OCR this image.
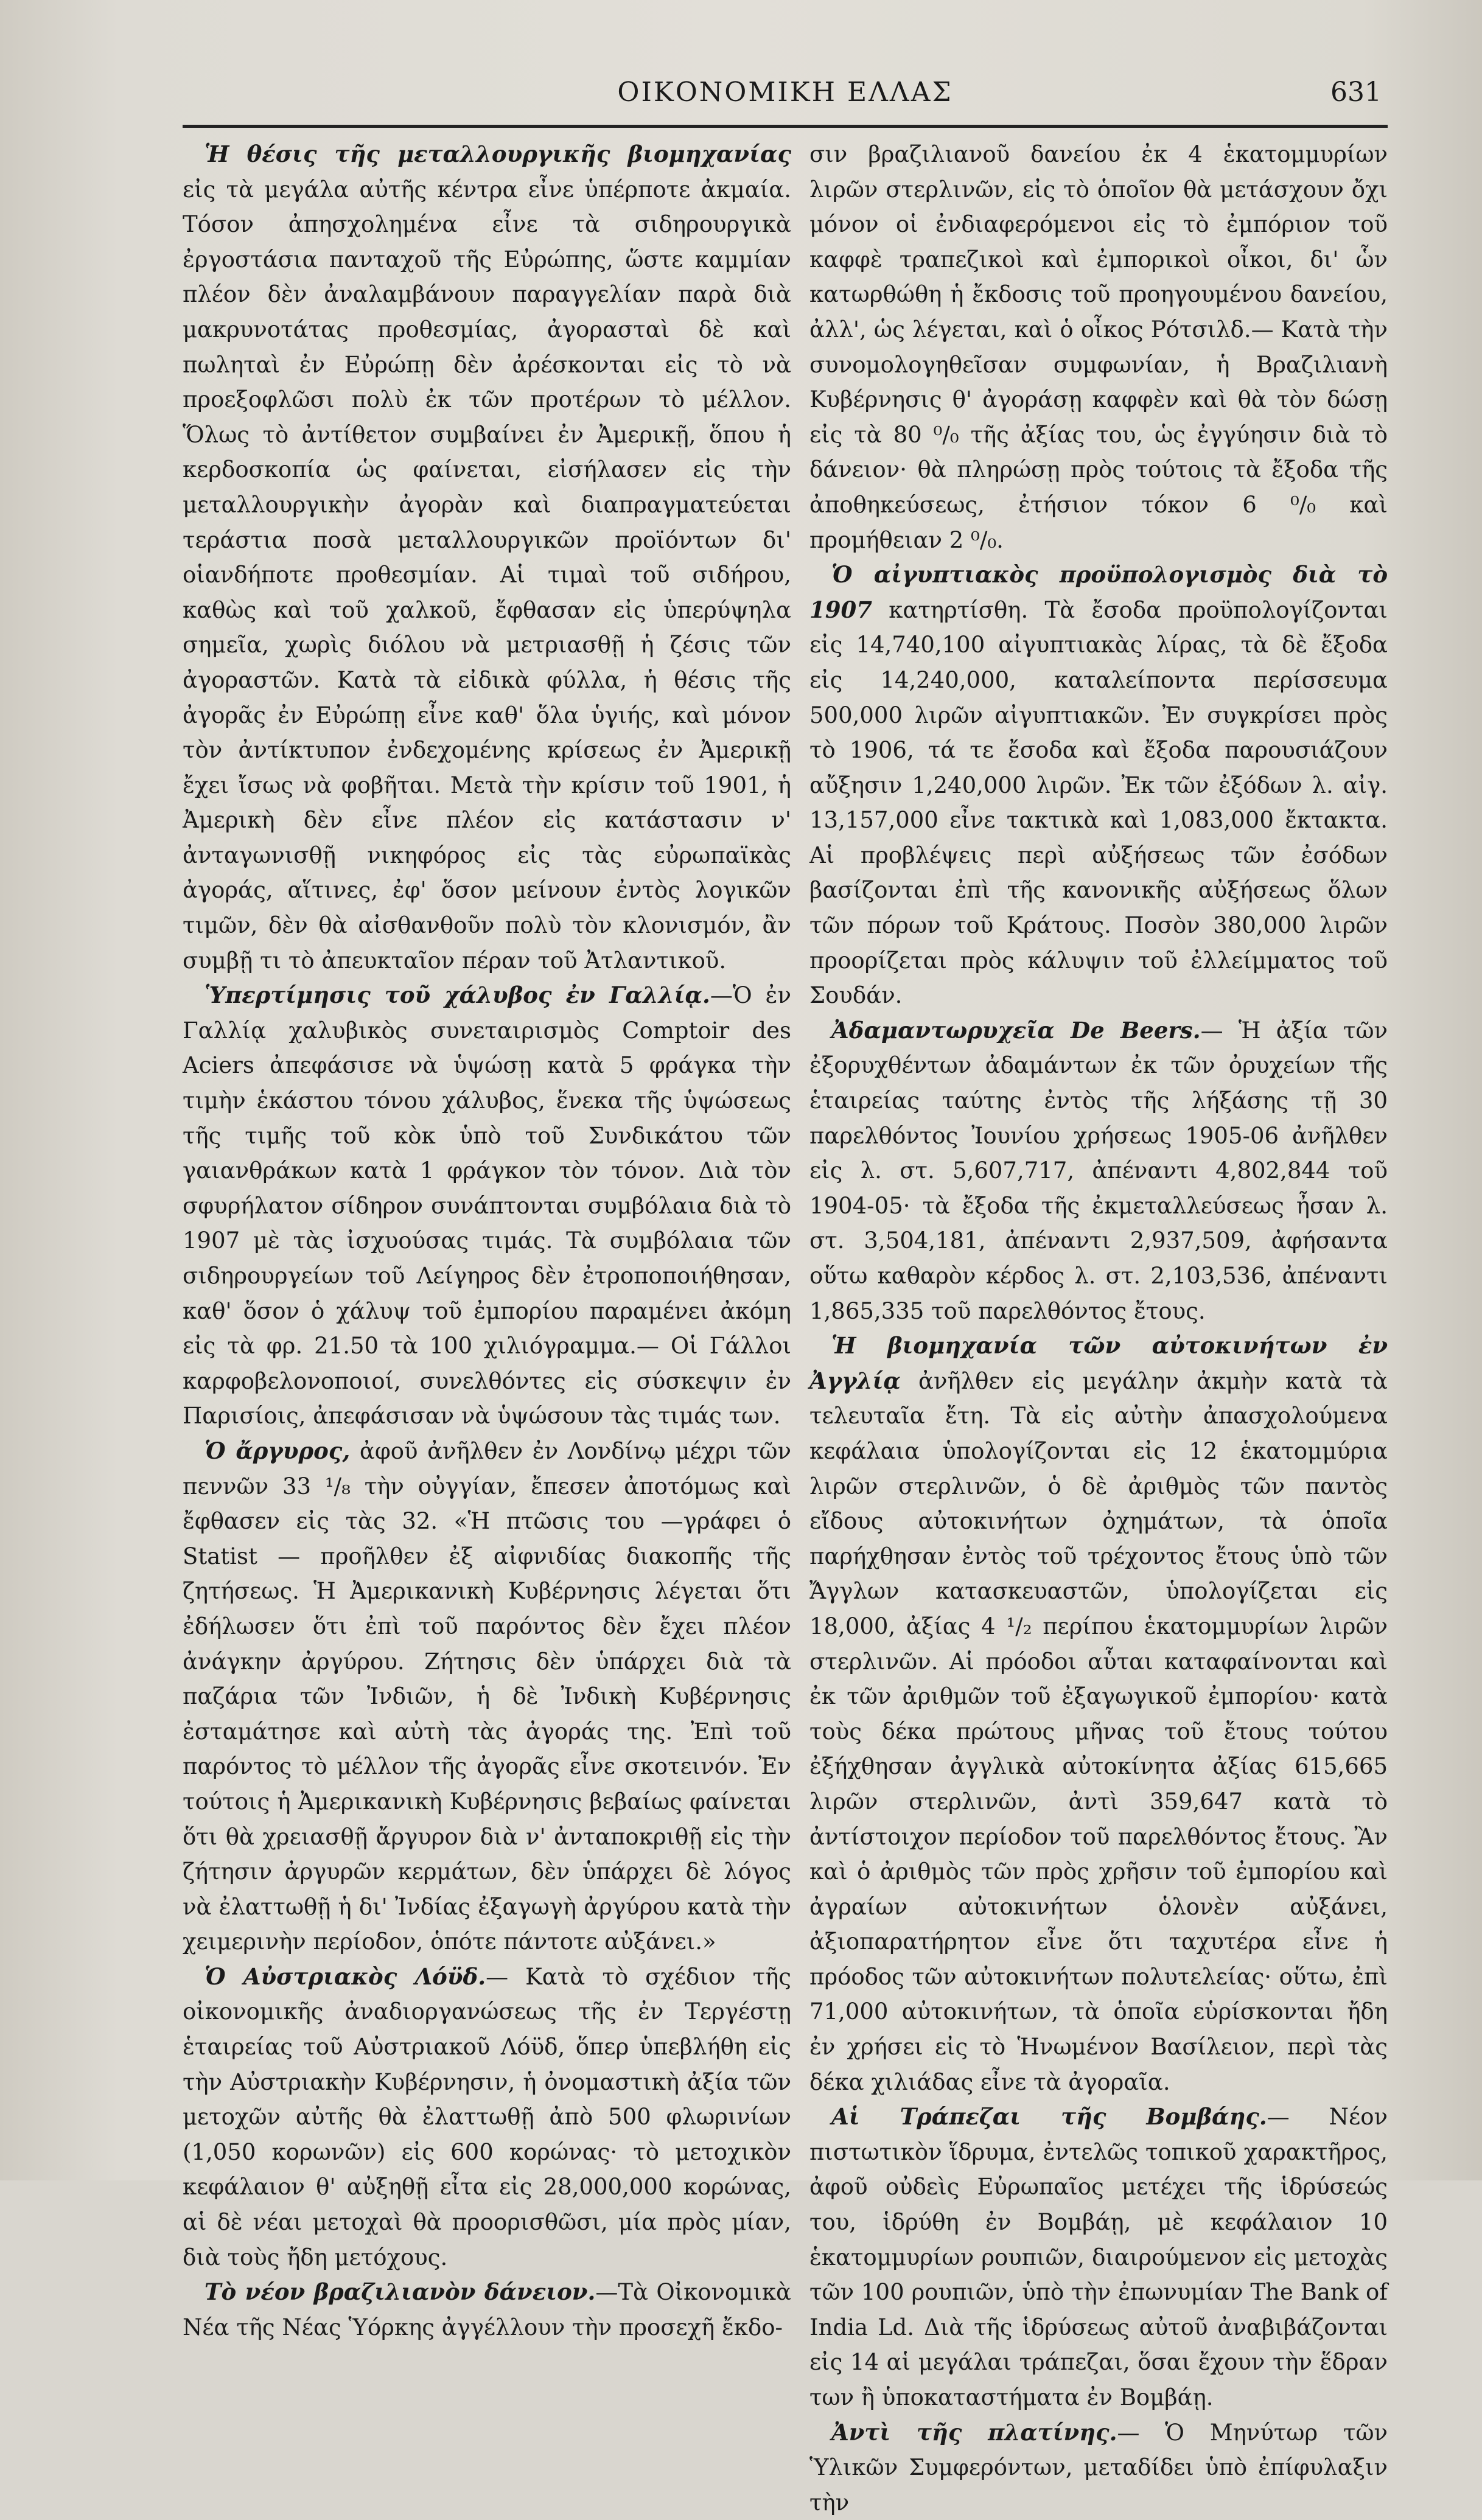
ΟΙΚΟΝΟΜΙΚΗ ΕΛΛΑΣ	631

Ἡ θέσις τῆς μεταλλουργικῆς βιομηχανίας εἰς τὰ μεγάλα αὐτῆς κέντρα εἶνε ὑπέρποτε ἀκμαία. Τόσον ἀπησχολημένα εἶνε τὰ σιδηρουργικὰ ἐργοστάσια πανταχοῦ τῆς Εὐρώπης, ὥστε καμμίαν πλέον δὲν ἀναλαμβάνουν παραγγελίαν παρὰ διὰ μακρυνοτάτας προθεσμίας, ἀγορασταὶ δὲ καὶ πωληταὶ ἐν Εὐρώπῃ δὲν ἀρέσκονται εἰς τὸ νὰ προεξοφλῶσι πολὺ ἐκ τῶν προτέρων τὸ μέλλον. Ὅλως τὸ ἀντίθετον συμβαίνει ἐν Ἀμερικῇ, ὅπου ἡ κερδοσκοπία ὡς φαίνεται, εἰσήλασεν εἰς τὴν μεταλλουργικὴν ἀγορὰν καὶ διαπραγματεύεται τεράστια ποσὰ μεταλλουργικῶν προϊόντων δι' οἱανδήποτε προθεσμίαν. Αἱ τιμαὶ τοῦ σιδήρου, καθὼς καὶ τοῦ χαλκοῦ, ἔφθασαν εἰς ὑπερύψηλα σημεῖα, χωρὶς διόλου νὰ μετριασθῇ ἡ ζέσις τῶν ἀγοραστῶν. Κατὰ τὰ εἰδικὰ φύλλα, ἡ θέσις τῆς ἀγορᾶς ἐν Εὐρώπῃ εἶνε καθ' ὅλα ὑγιής, καὶ μόνον τὸν ἀντίκτυπον ἐνδεχομένης κρίσεως ἐν Ἀμερικῇ ἔχει ἴσως νὰ φοβῆται. Μετὰ τὴν κρίσιν τοῦ 1901, ἡ Ἀμερικὴ δὲν εἶνε πλέον εἰς κατάστασιν ν' ἀνταγωνισθῇ νικηφόρος εἰς τὰς εὐρωπαϊκὰς ἀγοράς, αἵτινες, ἐφ' ὅσον μείνουν ἐντὸς λογικῶν τιμῶν, δὲν θὰ αἰσθανθοῦν πολὺ τὸν κλονισμόν, ἂν συμβῇ τι τὸ ἀπευκταῖον πέραν τοῦ Ἀτλαντικοῦ.

Ὑπερτίμησις τοῦ χάλυβος ἐν Γαλλίᾳ.—Ὁ ἐν Γαλλίᾳ χαλυβικὸς συνεταιρισμὸς Comptoir des Aciers ἀπεφάσισε νὰ ὑψώσῃ κατὰ 5 φράγκα τὴν τιμὴν ἑκάστου τόνου χάλυβος, ἕνεκα τῆς ὑψώσεως τῆς τιμῆς τοῦ κὸκ ὑπὸ τοῦ Συνδικάτου τῶν γαιανθράκων κατὰ 1 φράγκον τὸν τόνον. Διὰ τὸν σφυρήλατον σίδηρον συνάπτονται συμβόλαια διὰ τὸ 1907 μὲ τὰς ἰσχυούσας τιμάς. Τὰ συμβόλαια τῶν σιδηρουργείων τοῦ Λείγηρος δὲν ἐτροποποιήθησαν, καθ' ὅσον ὁ χάλυψ τοῦ ἐμπορίου παραμένει ἀκόμη εἰς τὰ φρ. 21.50 τὰ 100 χιλιόγραμμα.— Οἱ Γάλλοι καρφοβελονοποιοί, συνελθόντες εἰς σύσκεψιν ἐν Παρισίοις, ἀπεφάσισαν νὰ ὑψώσουν τὰς τιμάς των.

Ὁ ἄργυρος, ἀφοῦ ἀνῆλθεν ἐν Λονδίνῳ μέχρι τῶν πεννῶν 33 ¹/₈ τὴν οὐγγίαν, ἔπεσεν ἀποτόμως καὶ ἔφθασεν εἰς τὰς 32. «Ἡ πτῶσις του —γράφει ὁ Statist — προῆλθεν ἐξ αἰφνιδίας διακοπῆς τῆς ζητήσεως. Ἡ Ἀμερικανικὴ Κυβέρνησις λέγεται ὅτι ἐδήλωσεν ὅτι ἐπὶ τοῦ παρόντος δὲν ἔχει πλέον ἀνάγκην ἀργύρου. Ζήτησις δὲν ὑπάρχει διὰ τὰ παζάρια τῶν Ἰνδιῶν, ἡ δὲ Ἰνδικὴ Κυβέρνησις ἐσταμάτησε καὶ αὐτὴ τὰς ἀγοράς της. Ἐπὶ τοῦ παρόντος τὸ μέλλον τῆς ἀγορᾶς εἶνε σκοτεινόν. Ἐν τούτοις ἡ Ἀμερικανικὴ Κυβέρνησις βεβαίως φαίνεται ὅτι θὰ χρειασθῇ ἄργυρον διὰ ν' ἀνταποκριθῇ εἰς τὴν ζήτησιν ἀργυρῶν κερμάτων, δὲν ὑπάρχει δὲ λόγος νὰ ἐλαττωθῇ ἡ δι' Ἰνδίας ἐξαγωγὴ ἀργύρου κατὰ τὴν χειμερινὴν περίοδον, ὁπότε πάντοτε αὐξάνει.»

Ὁ Αὐστριακὸς Λόϋδ.— Κατὰ τὸ σχέδιον τῆς οἰκονομικῆς ἀναδιοργανώσεως τῆς ἐν Τεργέστῃ ἑταιρείας τοῦ Αὐστριακοῦ Λόϋδ, ὅπερ ὑπεβλήθη εἰς τὴν Αὐστριακὴν Κυβέρνησιν, ἡ ὀνομαστικὴ ἀξία τῶν μετοχῶν αὐτῆς θὰ ἐλαττωθῇ ἀπὸ 500 φλωρινίων (1,050 κορωνῶν) εἰς 600 κορώνας· τὸ μετοχικὸν κεφάλαιον θ' αὐξηθῇ εἶτα εἰς 28,000,000 κορώνας, αἱ δὲ νέαι μετοχαὶ θὰ προορισθῶσι, μία πρὸς μίαν, διὰ τοὺς ἤδη μετόχους.

Τὸ νέον βραζιλιανὸν δάνειον.—Τὰ Οἰκονομικὰ Νέα τῆς Νέας Ὑόρκης ἀγγέλλουν τὴν προσεχῆ ἔκδο-

σιν βραζιλιανοῦ δανείου ἐκ 4 ἑκατομμυρίων λιρῶν στερλινῶν, εἰς τὸ ὁποῖον θὰ μετάσχουν ὄχι μόνον οἱ ἐνδιαφερόμενοι εἰς τὸ ἐμπόριον τοῦ καφφὲ τραπεζικοὶ καὶ ἐμπορικοὶ οἶκοι, δι' ὧν κατωρθώθη ἡ ἔκδοσις τοῦ προηγουμένου δανείου, ἀλλ', ὡς λέγεται, καὶ ὁ οἶκος Ρότσιλδ.— Κατὰ τὴν συνομολογηθεῖσαν συμφωνίαν, ἡ Βραζιλιανὴ Κυβέρνησις θ' ἀγοράσῃ καφφὲν καὶ θὰ τὸν δώσῃ εἰς τὰ 80 ⁰/₀ τῆς ἀξίας του, ὡς ἐγγύησιν διὰ τὸ δάνειον· θὰ πληρώσῃ πρὸς τούτοις τὰ ἔξοδα τῆς ἀποθηκεύσεως, ἐτήσιον τόκον 6 ⁰/₀ καὶ προμήθειαν 2 ⁰/₀.

Ὁ αἰγυπτιακὸς προϋπολογισμὸς διὰ τὸ 1907 κατηρτίσθη. Τὰ ἔσοδα προϋπολογίζονται εἰς 14,740,100 αἰγυπτιακὰς λίρας, τὰ δὲ ἔξοδα εἰς 14,240,000, καταλείποντα περίσσευμα 500,000 λιρῶν αἰγυπτιακῶν. Ἐν συγκρίσει πρὸς τὸ 1906, τά τε ἔσοδα καὶ ἔξοδα παρουσιάζουν αὔξησιν 1,240,000 λιρῶν. Ἐκ τῶν ἐξόδων λ. αἰγ. 13,157,000 εἶνε τακτικὰ καὶ 1,083,000 ἔκτακτα. Αἱ προβλέψεις περὶ αὐξήσεως τῶν ἐσόδων βασίζονται ἐπὶ τῆς κανονικῆς αὐξήσεως ὅλων τῶν πόρων τοῦ Κράτους. Ποσὸν 380,000 λιρῶν προορίζεται πρὸς κάλυψιν τοῦ ἐλλείμματος τοῦ Σουδάν.

Ἀδαμαντωρυχεῖα De Beers.— Ἡ ἀξία τῶν ἐξορυχθέντων ἀδαμάντων ἐκ τῶν ὀρυχείων τῆς ἑταιρείας ταύτης ἐντὸς τῆς λήξάσης τῇ 30 παρελθόντος Ἰουνίου χρήσεως 1905-06 ἀνῆλθεν εἰς λ. στ. 5,607,717, ἀπέναντι 4,802,844 τοῦ 1904-05· τὰ ἔξοδα τῆς ἐκμεταλλεύσεως ἦσαν λ. στ. 3,504,181, ἀπέναντι 2,937,509, ἀφήσαντα οὕτω καθαρὸν κέρδος λ. στ. 2,103,536, ἀπέναντι 1,865,335 τοῦ παρελθόντος ἔτους.

Ἡ βιομηχανία τῶν αὐτοκινήτων ἐν Ἀγγλίᾳ ἀνῆλθεν εἰς μεγάλην ἀκμὴν κατὰ τὰ τελευταῖα ἔτη. Τὰ εἰς αὐτὴν ἀπασχολούμενα κεφάλαια ὑπολογίζονται εἰς 12 ἑκατομμύρια λιρῶν στερλινῶν, ὁ δὲ ἀριθμὸς τῶν παντὸς εἴδους αὐτοκινήτων ὀχημάτων, τὰ ὁποῖα παρήχθησαν ἐντὸς τοῦ τρέχοντος ἔτους ὑπὸ τῶν Ἄγγλων κατασκευαστῶν, ὑπολογίζεται εἰς 18,000, ἀξίας 4 ¹/₂ περίπου ἑκατομμυρίων λιρῶν στερλινῶν. Αἱ πρόοδοι αὗται καταφαίνονται καὶ ἐκ τῶν ἀριθμῶν τοῦ ἐξαγωγικοῦ ἐμπορίου· κατὰ τοὺς δέκα πρώτους μῆνας τοῦ ἔτους τούτου ἐξήχθησαν ἀγγλικὰ αὐτοκίνητα ἀξίας 615,665 λιρῶν στερλινῶν, ἀντὶ 359,647 κατὰ τὸ ἀντίστοιχον περίοδον τοῦ παρελθόντος ἔτους. Ἂν καὶ ὁ ἀριθμὸς τῶν πρὸς χρῆσιν τοῦ ἐμπορίου καὶ ἀγραίων αὐτοκινήτων ὁλονὲν αὐξάνει, ἀξιοπαρατήρητον εἶνε ὅτι ταχυτέρα εἶνε ἡ πρόοδος τῶν αὐτοκινήτων πολυτελείας· οὕτω, ἐπὶ 71,000 αὐτοκινήτων, τὰ ὁποῖα εὑρίσκονται ἤδη ἐν χρήσει εἰς τὸ Ἡνωμένον Βασίλειον, περὶ τὰς δέκα χιλιάδας εἶνε τὰ ἀγοραῖα.

Αἱ Τράπεζαι τῆς Βομβάης.— Νέον πιστωτικὸν ἵδρυμα, ἐντελῶς τοπικοῦ χαρακτῆρος, ἀφοῦ οὐδεὶς Εὐρωπαῖος μετέχει τῆς ἱδρύσεώς του, ἱδρύθη ἐν Βομβάῃ, μὲ κεφάλαιον 10 ἑκατομμυρίων ρουπιῶν, διαιρούμενον εἰς μετοχὰς τῶν 100 ρουπιῶν, ὑπὸ τὴν ἐπωνυμίαν The Bank of India Ld. Διὰ τῆς ἱδρύσεως αὐτοῦ ἀναβιβάζονται εἰς 14 αἱ μεγάλαι τράπεζαι, ὅσαι ἔχουν τὴν ἕδραν των ἢ ὑποκαταστήματα ἐν Βομβάῃ.

Ἀντὶ τῆς πλατίνης.— Ὁ Μηνύτωρ τῶν Ὑλικῶν Συμφερόντων, μεταδίδει ὑπὸ ἐπίφυλαξιν τὴν
